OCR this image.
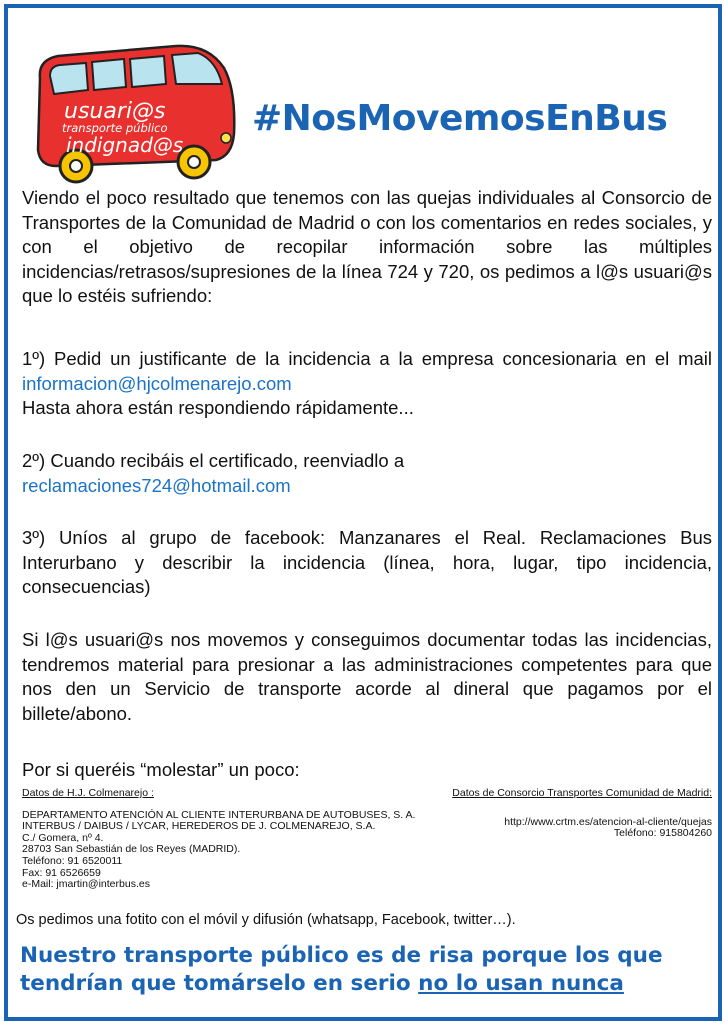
usuari@s
transporte público
indignad@s
#NosMovemosEnBus
Viendo el poco resultado que tenemos con las quejas individuales al Consorcio de Transportes de la Comunidad de Madrid o con los comentarios en redes sociales, y con el objetivo de recopilar información sobre las múltiples incidencias/retrasos/supresiones de la línea 724 y 720, os pedimos a l@s usuari@s que lo estéis sufriendo:
1º) Pedid un justificante de la incidencia a la empresa concesionaria en el mail informacion@hjcolmenarejo.com
Hasta ahora están respondiendo rápidamente...
2º) Cuando recibáis el certificado, reenviadlo a
reclamaciones724@hotmail.com
3º) Uníos al grupo de facebook: Manzanares el Real. Reclamaciones Bus Interurbano y describir la incidencia (línea, hora, lugar, tipo incidencia, consecuencias)
Si l@s usuari@s nos movemos y conseguimos documentar todas las incidencias, tendremos material para presionar a las administraciones competentes para que nos den un Servicio de transporte acorde al dineral que pagamos por el billete/abono.
Por si queréis “molestar” un poco:
Datos de H.J. Colmenarejo :
DEPARTAMENTO ATENCIÓN AL CLIENTE INTERURBANA DE AUTOBUSES, S. A.
INTERBUS / DAIBUS / LYCAR, HEREDEROS DE J. COLMENAREJO, S.A.
C./ Gomera, nº 4.
28703 San Sebastián de los Reyes (MADRID).
Teléfono: 91 6520011
Fax: 91 6526659
e-Mail: jmartin@interbus.es
Datos de Consorcio Transportes Comunidad de Madrid:
http://www.crtm.es/atencion-al-cliente/quejas
Teléfono: 915804260
Os pedimos una fotito con el móvil y difusión (whatsapp, Facebook, twitter…).
Nuestro transporte público es de risa porque los que tendrían que tomárselo en serio no lo usan nunca
